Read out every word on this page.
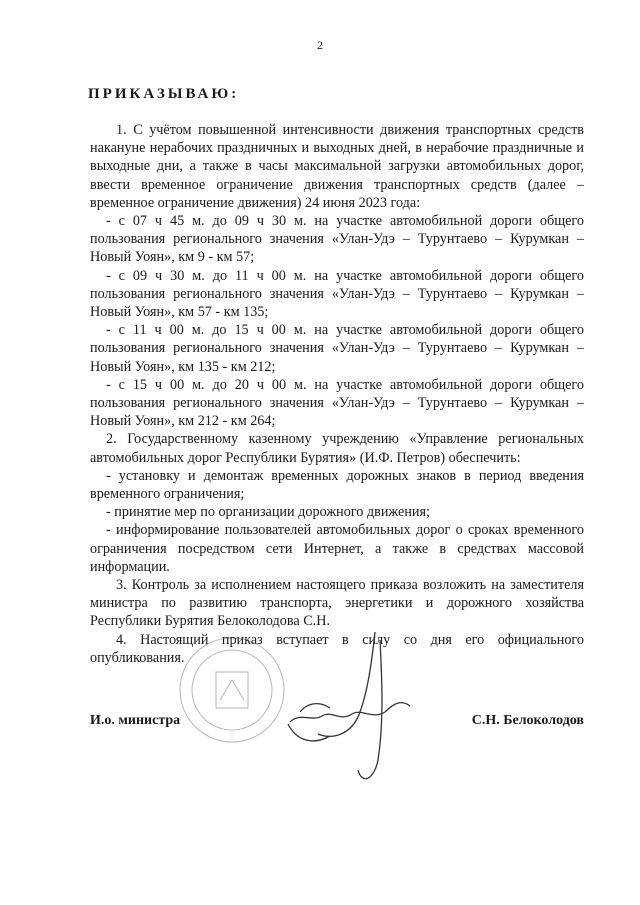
2
ПРИКАЗЫВАЮ:

1. С учётом повышенной интенсивности движения транспортных средств накануне нерабочих праздничных и выходных дней, в нерабочие праздничные и выходные дни, а также в часы максимальной загрузки автомобильных дорог, ввести временное ограничение движения транспортных средств (далее – временное ограничение движения) 24 июня 2023 года:

- с 07 ч 45 м. до 09 ч 30 м. на участке автомобильной дороги общего пользования регионального значения «Улан-Удэ – Турунтаево – Курумкан – Новый Уоян», км 9 - км 57;

- с 09 ч 30 м. до 11 ч 00 м. на участке автомобильной дороги общего пользования регионального значения «Улан-Удэ – Турунтаево – Курумкан – Новый Уоян», км 57 - км 135;

- с 11 ч 00 м. до 15 ч 00 м. на участке автомобильной дороги общего пользования регионального значения «Улан-Удэ – Турунтаево – Курумкан – Новый Уоян», км 135 - км 212;

- с 15 ч 00 м. до 20 ч 00 м. на участке автомобильной дороги общего пользования регионального значения «Улан-Удэ – Турунтаево – Курумкан – Новый Уоян», км 212 - км 264;

2. Государственному казенному учреждению «Управление региональных автомобильных дорог Республики Бурятия» (И.Ф. Петров) обеспечить:

- установку и демонтаж временных дорожных знаков в период введения временного ограничения;

- принятие мер по организации дорожного движения;

- информирование пользователей автомобильных дорог о сроках временного ограничения посредством сети Интернет, а также в средствах массовой информации.

3. Контроль за исполнением настоящего приказа возложить на заместителя министра по развитию транспорта, энергетики и дорожного хозяйства Республики Бурятия Белоколодова С.Н.

4. Настоящий приказ вступает в силу со дня его официального опубликования.

И.о. министра	С.Н. Белоколодов
